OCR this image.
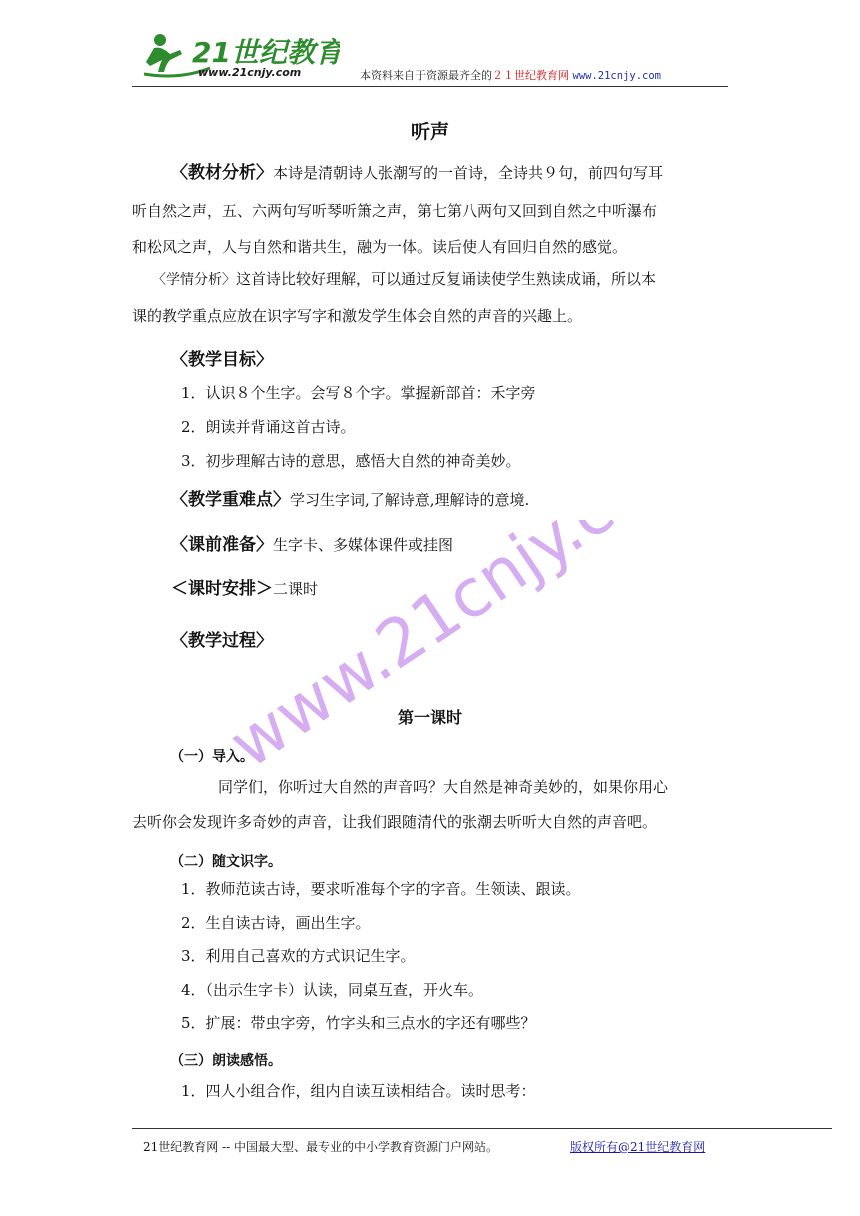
21世纪教育
www.21cnjy.com	本资料来自于资源最齐全的２１世纪教育网 www.21cnjy.com
听声
〈教材分析〉本诗是清朝诗人张潮写的一首诗，全诗共９句，前四句写耳
听自然之声，五、六两句写听琴听箫之声，第七第八两句又回到自然之中听瀑布
和松风之声，人与自然和谐共生，融为一体。读后使人有回归自然的感觉。
〈学情分析〉这首诗比较好理解，可以通过反复诵读使学生熟读成诵，所以本
课的教学重点应放在识字写字和激发学生体会自然的声音的兴趣上。
〈教学目标〉
1．认识８个生字。会写８个字。掌握新部首：禾字旁
2．朗读并背诵这首古诗。
3．初步理解古诗的意思，感悟大自然的神奇美妙。
〈教学重难点〉学习生字词,了解诗意,理解诗的意境.
〈课前准备〉生字卡、多媒体课件或挂图
＜课时安排＞二课时
〈教学过程〉
第一课时
（一）导入。
同学们，你听过大自然的声音吗？大自然是神奇美妙的，如果你用心
去听你会发现许多奇妙的声音，让我们跟随清代的张潮去听听大自然的声音吧。
（二）随文识字。
1．教师范读古诗，要求听准每个字的字音。生领读、跟读。
2．生自读古诗，画出生字。
3．利用自己喜欢的方式识记生字。
4．（出示生字卡）认读，同桌互查，开火车。
5．扩展：带虫字旁，竹字头和三点水的字还有哪些？
（三）朗读感悟。
1．四人小组合作，组内自读互读相结合。读时思考：
www.21cnjy.com
21世纪教育网 -- 中国最大型、最专业的中小学教育资源门户网站。	版权所有@21世纪教育网
